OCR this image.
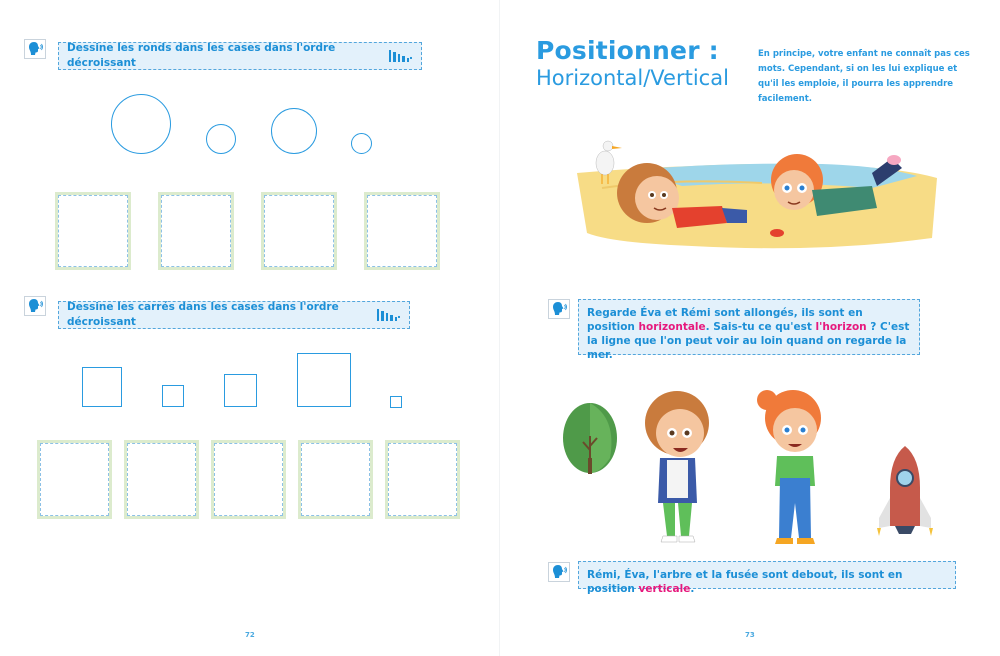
Dessine les ronds dans les cases dans l'ordre décroissant
.
Dessine les carrés dans les cases dans l'ordre décroissant
.
72
Positionner :
Horizontal/Vertical
En principe, votre enfant ne connaît pas ces mots. Cependant, si on les lui explique et qu'il les emploie, il pourra les apprendre facilement.
Regarde Éva et Rémi sont allongés, ils sont en position horizontale. Sais-tu ce qu'est l'horizon ? C'est la ligne que l'on peut voir au loin quand on regarde la mer.
Rémi, Éva, l'arbre et la fusée sont debout, ils sont en position verticale.
73
